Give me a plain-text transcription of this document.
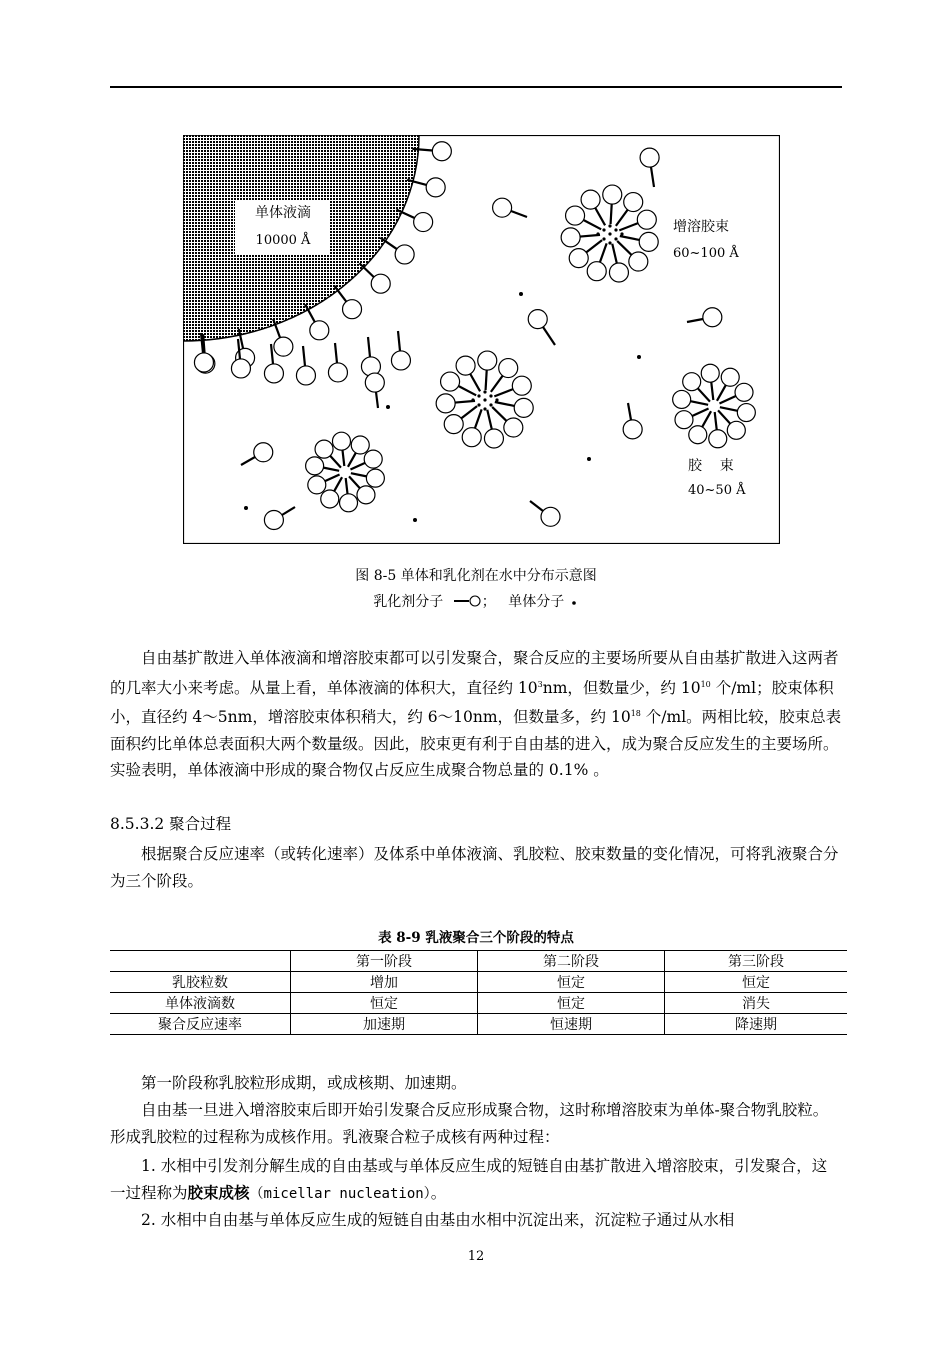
单体液滴
10000 Å
增溶胶束
60~100 Å
胶    束
40~50 Å
图 8-5 单体和乳化剂在水中分布示意图
乳化剂分子	； 单体分子
自由基扩散进入单体液滴和增溶胶束都可以引发聚合，聚合反应的主要场所要从自由基扩散进入这两者的几率大小来考虑。从量上看，单体液滴的体积大，直径约 $10^3nm$，但数量少，约 $10^{10}$ 个/ml；胶束体积小，直径约 4～5nm，增溶胶束体积稍大，约 6～10nm，但数量多，约 $10^{18}$ 个/ml。两相比较，胶束总表面积约比单体总表面积大两个数量级。因此，胶束更有利于自由基的进入，成为聚合反应发生的主要场所。实验表明，单体液滴中形成的聚合物仅占反应生成聚合物总量的 0.1% 。
8.5.3.2 聚合过程
根据聚合反应速率（或转化速率）及体系中单体液滴、乳胶粒、胶束数量的变化情况，可将乳液聚合分为三个阶段。
表 8-9 乳液聚合三个阶段的特点
	第一阶段	第二阶段	第三阶段
乳胶粒数	增加	恒定	恒定
单体液滴数	恒定	恒定	消失
聚合反应速率	加速期	恒速期	降速期
第一阶段称乳胶粒形成期，或成核期、加速期。
自由基一旦进入增溶胶束后即开始引发聚合反应形成聚合物，这时称增溶胶束为单体-聚合物乳胶粒。形成乳胶粒的过程称为成核作用。乳液聚合粒子成核有两种过程：
1. 水相中引发剂分解生成的自由基或与单体反应生成的短链自由基扩散进入增溶胶束，引发聚合，这一过程称为胶束成核（micellar nucleation）。
2. 水相中自由基与单体反应生成的短链自由基由水相中沉淀出来，沉淀粒子通过从水相
12
